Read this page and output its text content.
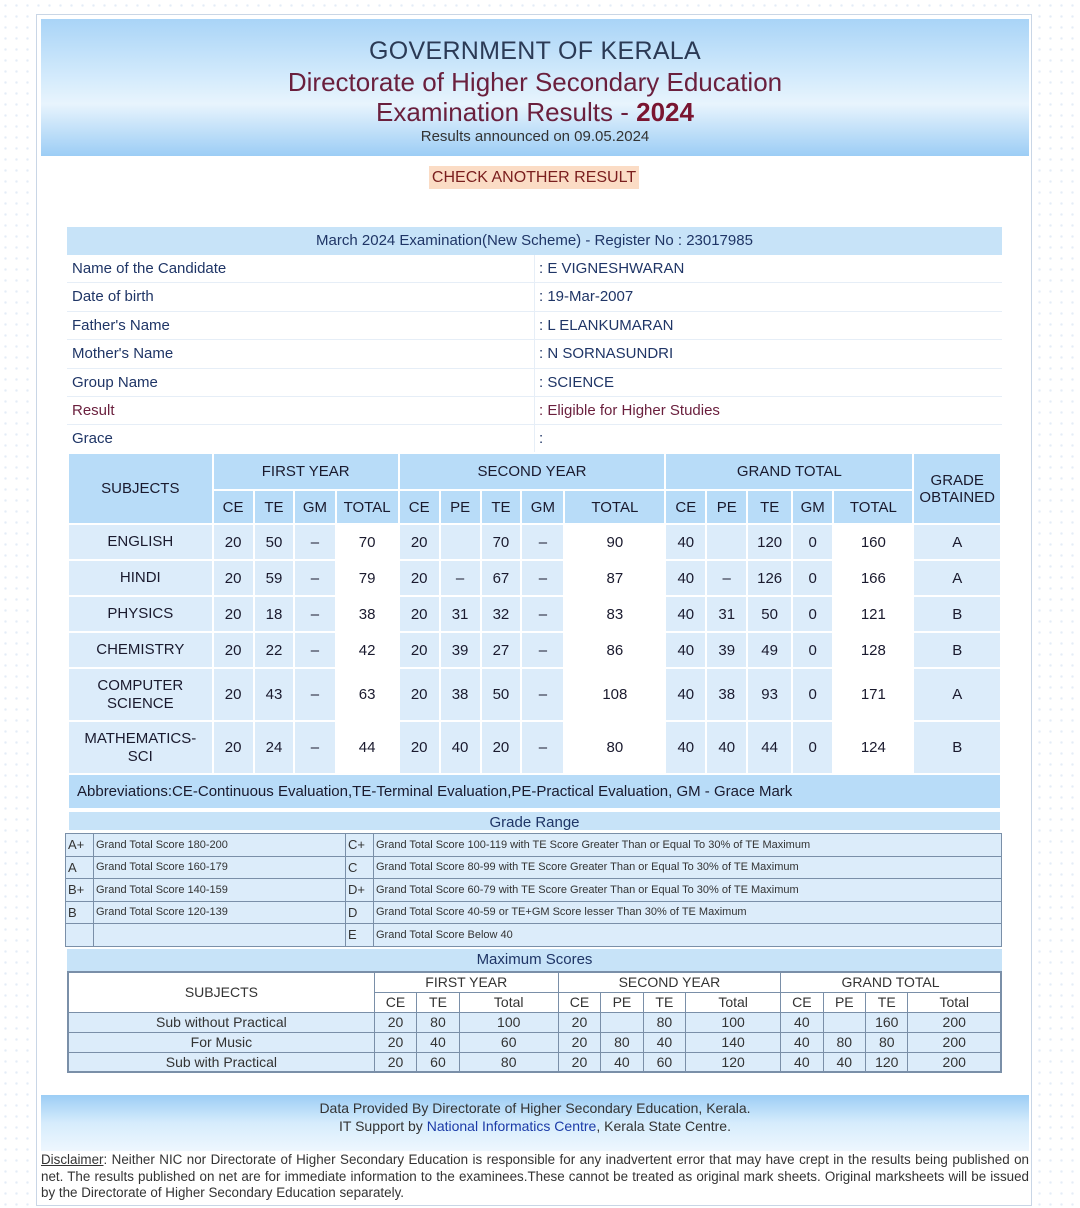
GOVERNMENT OF KERALA
Directorate of Higher Secondary Education
Examination Results - 2024
Results announced on 09.05.2024
CHECK ANOTHER RESULT
March 2024 Examination(New Scheme) - Register No : 23017985
Name of the Candidate	: E VIGNESHWARAN
Date of birth	: 19-Mar-2007
Father's Name	: L ELANKUMARAN
Mother's Name	: N SORNASUNDRI
Group Name	: SCIENCE
Result	: Eligible for Higher Studies
Grace	:
SUBJECTS	FIRST YEAR				SECOND YEAR					GRAND TOTAL					GRADE OBTAINED
	CE	TE	GM	TOTAL	CE	PE	TE	GM	TOTAL	CE	PE	TE	GM	TOTAL	
ENGLISH	20	50	–	70	20		70	–	90	40		120	0	160	A
HINDI	20	59	–	79	20	–	67	–	87	40	–	126	0	166	A
PHYSICS	20	18	–	38	20	31	32	–	83	40	31	50	0	121	B
CHEMISTRY	20	22	–	42	20	39	27	–	86	40	39	49	0	128	B
COMPUTER SCIENCE	20	43	–	63	20	38	50	–	108	40	38	93	0	171	A
MATHEMATICS-SCI	20	24	–	44	20	40	20	–	80	40	40	44	0	124	B
Abbreviations:CE-Continuous Evaluation,TE-Terminal Evaluation,PE-Practical Evaluation, GM - Grace Mark															
Grade Range
A+	Grand Total Score 180-200	C+	Grand Total Score 100-119 with TE Score Greater Than or Equal To 30% of TE Maximum
A	Grand Total Score 160-179	C	Grand Total Score 80-99 with TE Score Greater Than or Equal To 30% of TE Maximum
B+	Grand Total Score 140-159	D+	Grand Total Score 60-79 with TE Score Greater Than or Equal To 30% of TE Maximum
B	Grand Total Score 120-139	D	Grand Total Score 40-59 or TE+GM Score lesser Than 30% of TE Maximum
		E	Grand Total Score Below 40
Maximum Scores
SUBJECTS	FIRST YEAR			SECOND YEAR				GRAND TOTAL			
	CE	TE	Total	CE	PE	TE	Total	CE	PE	TE	Total
Sub without Practical	20	80	100	20		80	100	40		160	200
For Music	20	40	60	20	80	40	140	40	80	80	200
Sub with Practical	20	60	80	20	40	60	120	40	40	120	200
Data Provided By Directorate of Higher Secondary Education, Kerala.
IT Support by National Informatics Centre, Kerala State Centre.
Disclaimer: Neither NIC nor Directorate of Higher Secondary Education is responsible for any inadvertent error that may have crept in the results being published on net. The results published on net are for immediate information to the examinees.These cannot be treated as original mark sheets. Original marksheets will be issued by the Directorate of Higher Secondary Education separately.
